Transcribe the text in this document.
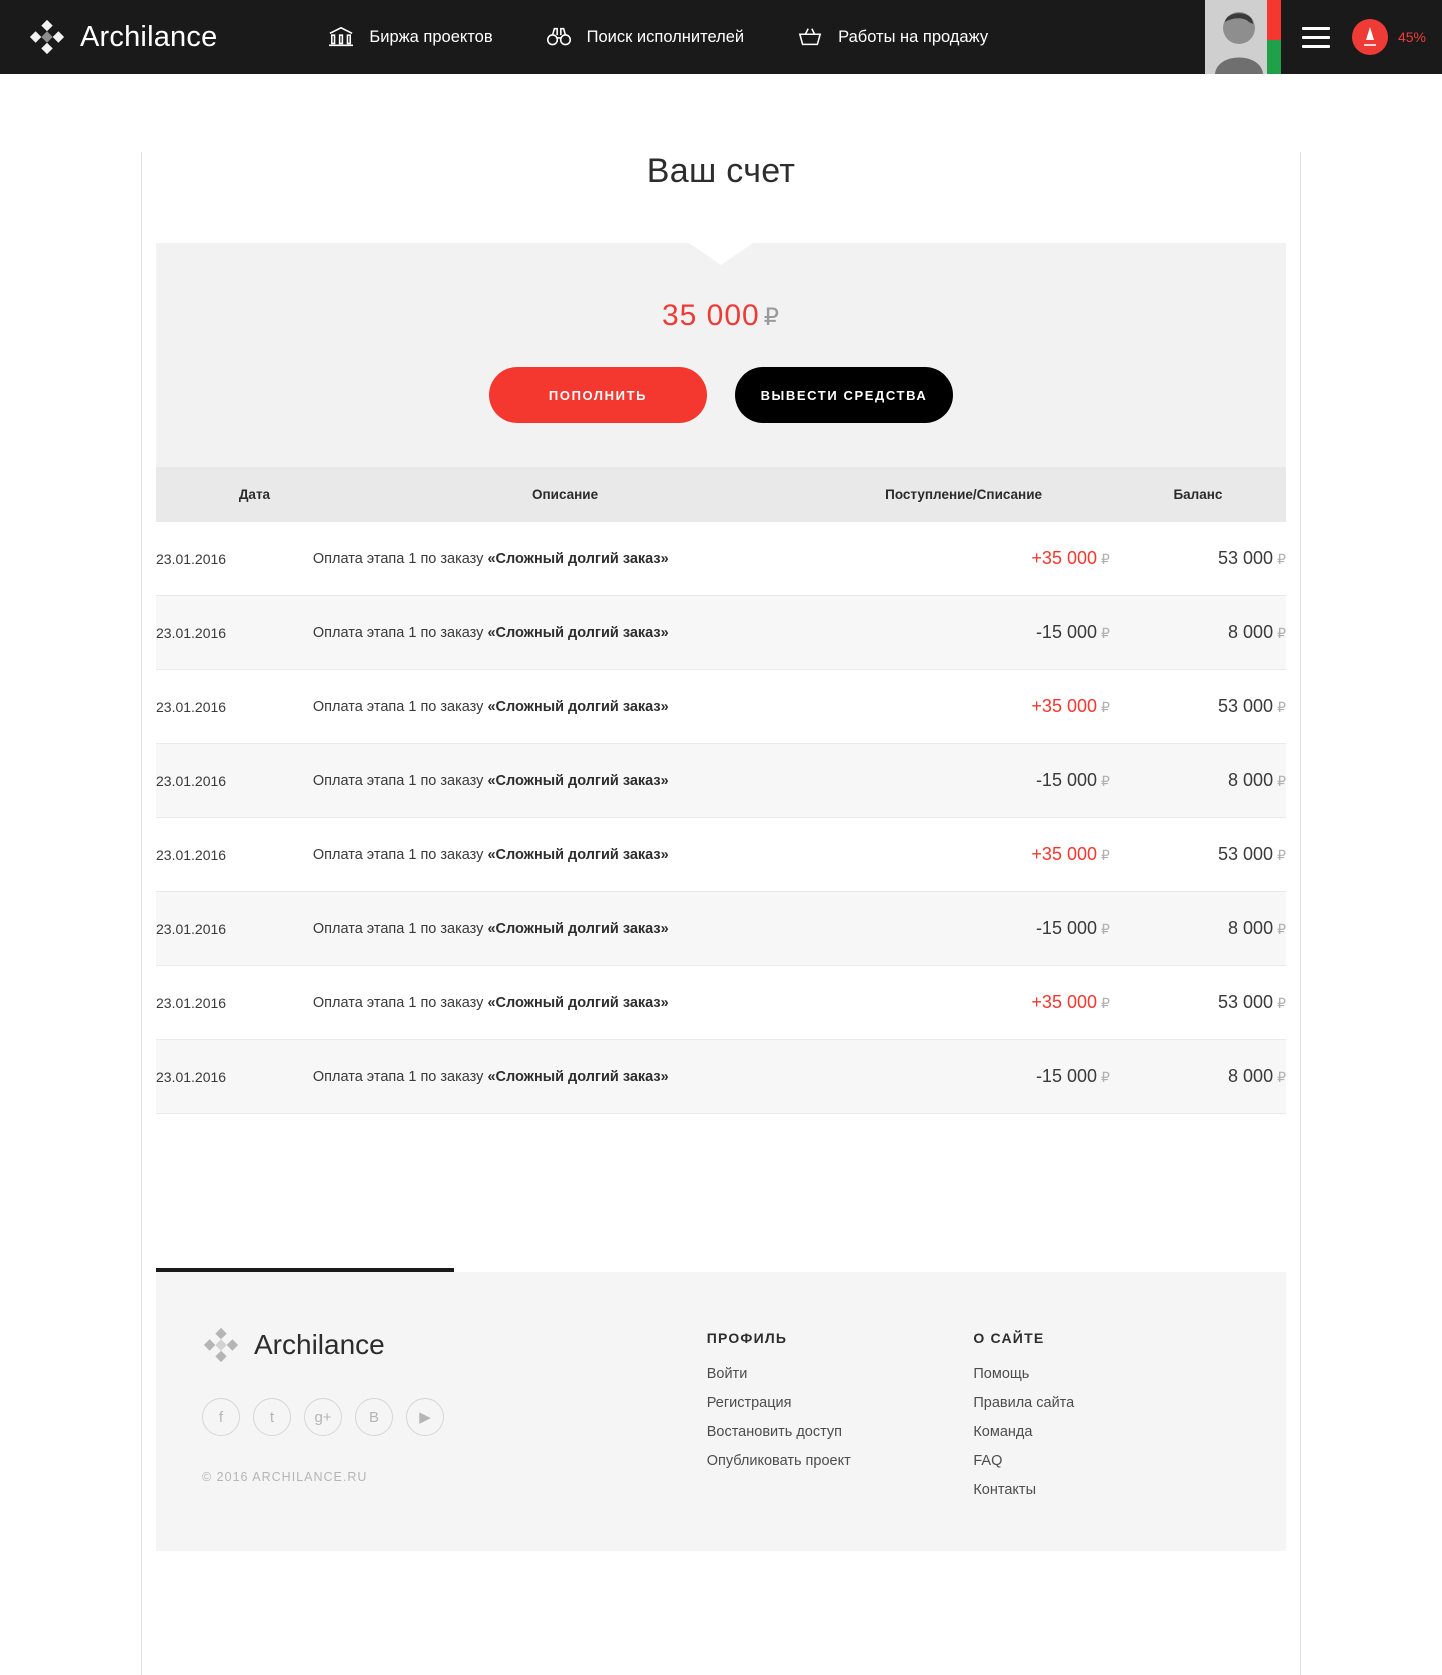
Archilance	Биржа проектов	Поиск исполнителей	Работы на продажу	45%
Ваш счет
35 000 ₽
ПОПОЛНИТЬ	ВЫВЕСТИ СРЕДСТВА
Дата	Описание	Поступление/Списание	Баланс
23.01.2016	Оплата этапа 1 по заказу «Сложный долгий заказ»	+35 000 ₽	53 000 ₽
23.01.2016	Оплата этапа 1 по заказу «Сложный долгий заказ»	-15 000 ₽	8 000 ₽
23.01.2016	Оплата этапа 1 по заказу «Сложный долгий заказ»	+35 000 ₽	53 000 ₽
23.01.2016	Оплата этапа 1 по заказу «Сложный долгий заказ»	-15 000 ₽	8 000 ₽
23.01.2016	Оплата этапа 1 по заказу «Сложный долгий заказ»	+35 000 ₽	53 000 ₽
23.01.2016	Оплата этапа 1 по заказу «Сложный долгий заказ»	-15 000 ₽	8 000 ₽
23.01.2016	Оплата этапа 1 по заказу «Сложный долгий заказ»	+35 000 ₽	53 000 ₽
23.01.2016	Оплата этапа 1 по заказу «Сложный долгий заказ»	-15 000 ₽	8 000 ₽
Archilance
f	t	g+	B	▶
© 2016 ARCHILANCE.RU
ПРОФИЛЬ
Войти
Регистрация
Востановить доступ
Опубликовать проект
О САЙТЕ
Помощь
Правила сайта
Команда
FAQ
Контакты
